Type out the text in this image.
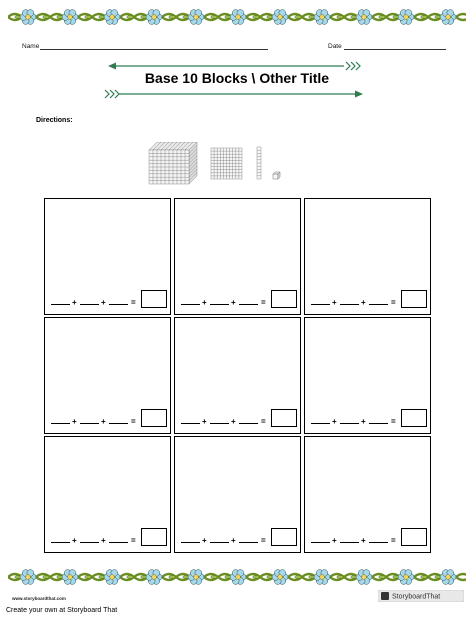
Name	Date
Base 10 Blocks \ Other Title
Directions:
+	+	=	+	+	=	+	+	=
+	+	=	+	+	=	+	+	=
+	+	=	+	+	=	+	+	=
www.storyboardthat.com	StoryboardThat
Create your own at Storyboard That
